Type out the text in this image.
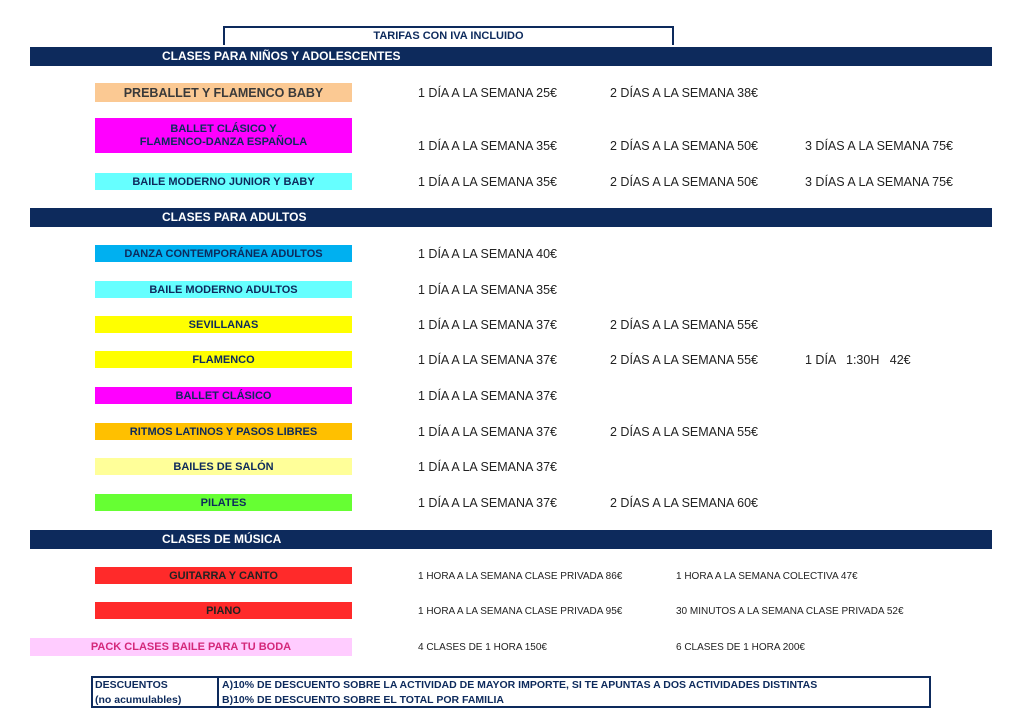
TARIFAS CON IVA INCLUIDO
CLASES PARA NIÑOS Y ADOLESCENTES
CLASES PARA ADULTOS
CLASES DE MÚSICA
PREBALLET Y FLAMENCO BABY	1 DÍA A LA SEMANA 25€	2 DÍAS A LA SEMANA 38€
BALLET CLÁSICO Y
FLAMENCO-DANZA ESPAÑOLA	1 DÍA A LA SEMANA 35€	2 DÍAS A LA SEMANA 50€	3 DÍAS A LA SEMANA 75€
BAILE MODERNO JUNIOR Y BABY	1 DÍA A LA SEMANA 35€	2 DÍAS A LA SEMANA 50€	3 DÍAS A LA SEMANA 75€
DANZA CONTEMPORÁNEA ADULTOS	1 DÍA A LA SEMANA 40€
BAILE MODERNO ADULTOS	1 DÍA A LA SEMANA 35€
SEVILLANAS	1 DÍA A LA SEMANA 37€	2 DÍAS A LA SEMANA 55€
FLAMENCO	1 DÍA A LA SEMANA 37€	2 DÍAS A LA SEMANA 55€	1 DÍA   1:30H   42€
BALLET CLÁSICO	1 DÍA A LA SEMANA 37€
RITMOS LATINOS Y PASOS LIBRES	1 DÍA A LA SEMANA 37€	2 DÍAS A LA SEMANA 55€
BAILES DE SALÓN	1 DÍA A LA SEMANA 37€
PILATES	1 DÍA A LA SEMANA 37€	2 DÍAS A LA SEMANA 60€
GUITARRA Y CANTO	1 HORA A LA SEMANA CLASE PRIVADA 86€	1 HORA A LA SEMANA COLECTIVA 47€
PIANO	1 HORA A LA SEMANA CLASE PRIVADA 95€	30 MINUTOS A LA SEMANA CLASE PRIVADA 52€
PACK CLASES BAILE PARA TU BODA	4 CLASES DE 1 HORA 150€	6 CLASES DE 1 HORA 200€
DESCUENTOS
(no acumulables)
A)10% DE DESCUENTO SOBRE LA ACTIVIDAD DE MAYOR IMPORTE, SI TE APUNTAS A DOS ACTIVIDADES DISTINTAS
B)10% DE DESCUENTO SOBRE EL TOTAL POR FAMILIA
